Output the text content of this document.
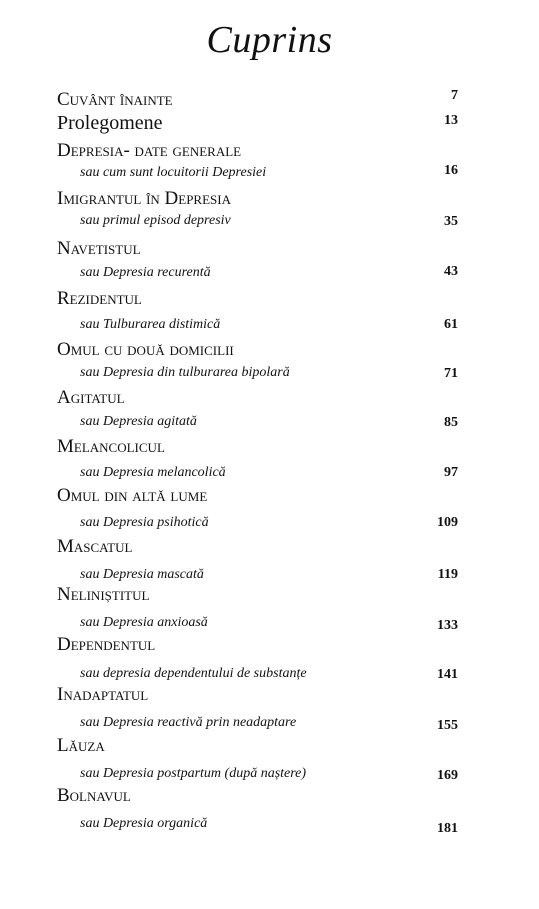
Cuprins
Cuvânt înainte	7
Prolegomene	13
Depresia- date generale
sau cum sunt locuitorii Depresiei	16
Imigrantul în Depresia
sau primul episod depresiv	35
Navetistul
sau Depresia recurentă	43
Rezidentul
sau Tulburarea distimică	61
Omul cu două domicilii
sau Depresia din tulburarea bipolară	71
Agitatul
sau Depresia agitată	85
Melancolicul
sau Depresia melancolică	97
Omul din altă lume
sau Depresia psihotică	109
Mascatul
sau Depresia mascată	119
Neliniștitul
sau Depresia anxioasă	133
Dependentul
sau depresia dependentului de substanțe	141
Inadaptatul
sau Depresia reactivă prin neadaptare	155
Lăuza
sau Depresia postpartum (după naștere)	169
Bolnavul
sau Depresia organică	181
